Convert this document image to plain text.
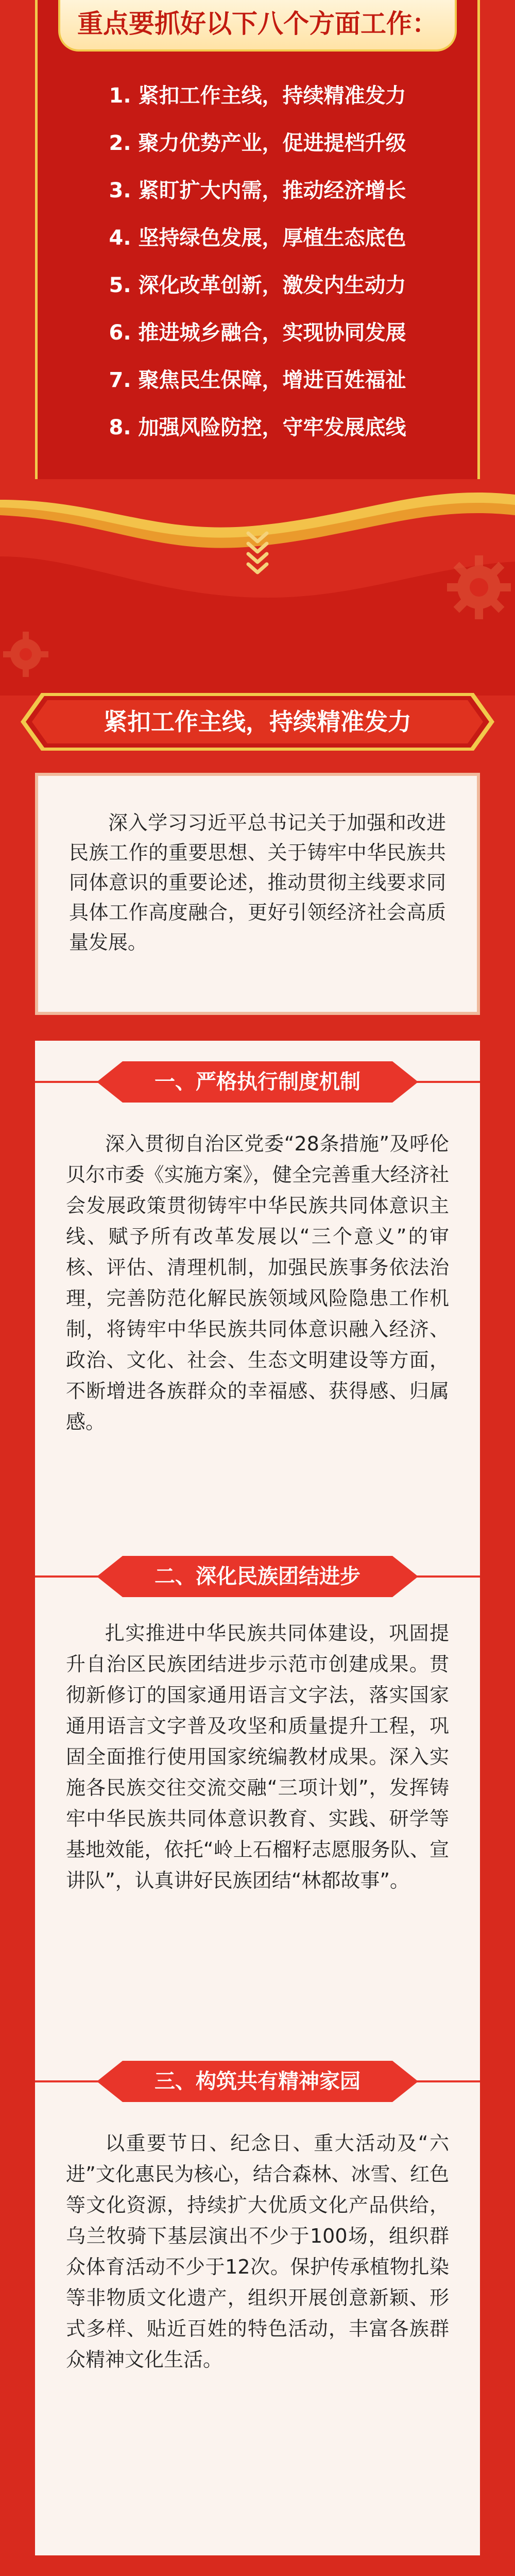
重点要抓好以下八个方面工作：
1. 紧扣工作主线，持续精准发力
2. 聚力优势产业，促进提档升级
3. 紧盯扩大内需，推动经济增长
4. 坚持绿色发展，厚植生态底色
5. 深化改革创新，激发内生动力
6. 推进城乡融合，实现协同发展
7. 聚焦民生保障，增进百姓福祉
8. 加强风险防控，守牢发展底线
紧扣工作主线，持续精准发力

深入学习习近平总书记关于加强和改进民族工作的重要思想、关于铸牢中华民族共同体意识的重要论述，推动贯彻主线要求同具体工作高度融合，更好引领经济社会高质量发展。

一、严格执行制度机制

深入贯彻自治区党委“28条措施”及呼伦贝尔市委《实施方案》，健全完善重大经济社会发展政策贯彻铸牢中华民族共同体意识主线、赋予所有改革发展以“三个意义”的审核、评估、清理机制，加强民族事务依法治理，完善防范化解民族领域风险隐患工作机制，将铸牢中华民族共同体意识融入经济、政治、文化、社会、生态文明建设等方面，不断增进各族群众的幸福感、获得感、归属感。

二、深化民族团结进步

扎实推进中华民族共同体建设，巩固提升自治区民族团结进步示范市创建成果。贯彻新修订的国家通用语言文字法，落实国家通用语言文字普及攻坚和质量提升工程，巩固全面推行使用国家统编教材成果。深入实施各民族交往交流交融“三项计划”，发挥铸牢中华民族共同体意识教育、实践、研学等基地效能，依托“岭上石榴籽志愿服务队、宣讲队”，认真讲好民族团结“林都故事”。

三、构筑共有精神家园

以重要节日、纪念日、重大活动及“六进”文化惠民为核心，结合森林、冰雪、红色等文化资源，持续扩大优质文化产品供给，乌兰牧骑下基层演出不少于100场，组织群众体育活动不少于12次。保护传承植物扎染等非物质文化遗产，组织开展创意新颖、形式多样、贴近百姓的特色活动，丰富各族群众精神文化生活。
